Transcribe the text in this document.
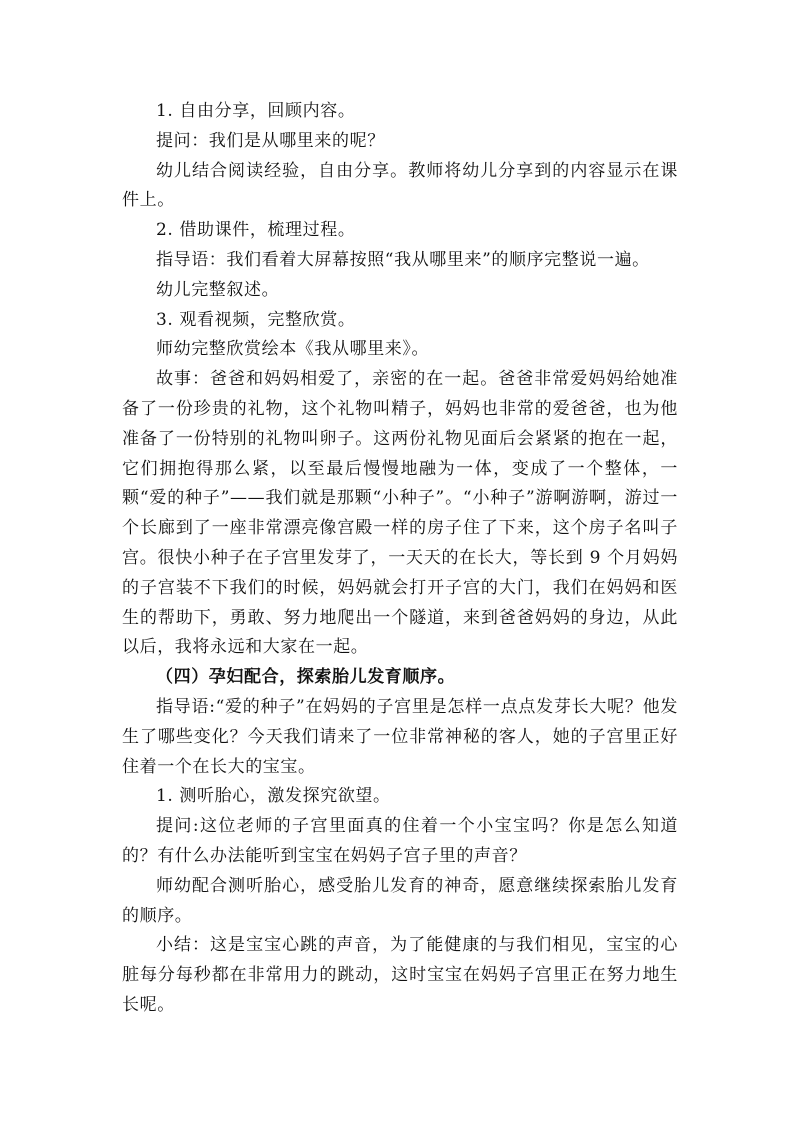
1. 自由分享，回顾内容。

提问：我们是从哪里来的呢？

幼儿结合阅读经验，自由分享。教师将幼儿分享到的内容显示在课件上。

2. 借助课件，梳理过程。

指导语：我们看着大屏幕按照“我从哪里来”的顺序完整说一遍。

幼儿完整叙述。

3. 观看视频，完整欣赏。

师幼完整欣赏绘本《我从哪里来》。

故事：爸爸和妈妈相爱了，亲密的在一起。爸爸非常爱妈妈给她准备了一份珍贵的礼物，这个礼物叫精子，妈妈也非常的爱爸爸，也为他准备了一份特别的礼物叫卵子。这两份礼物见面后会紧紧的抱在一起，它们拥抱得那么紧，以至最后慢慢地融为一体，变成了一个整体，一颗“爱的种子”——我们就是那颗“小种子”。“小种子”游啊游啊，游过一个长廊到了一座非常漂亮像宫殿一样的房子住了下来，这个房子名叫子宫。很快小种子在子宫里发芽了，一天天的在长大，等长到 9 个月妈妈的子宫装不下我们的时候，妈妈就会打开子宫的大门，我们在妈妈和医生的帮助下，勇敢、努力地爬出一个隧道，来到爸爸妈妈的身边，从此以后，我将永远和大家在一起。

（四）孕妇配合，探索胎儿发育顺序。

指导语:“爱的种子”在妈妈的子宫里是怎样一点点发芽长大呢？他发生了哪些变化？今天我们请来了一位非常神秘的客人，她的子宫里正好住着一个在长大的宝宝。

1. 测听胎心，激发探究欲望。

提问:这位老师的子宫里面真的住着一个小宝宝吗？你是怎么知道的？有什么办法能听到宝宝在妈妈子宫子里的声音？

师幼配合测听胎心，感受胎儿发育的神奇，愿意继续探索胎儿发育的顺序。

小结：这是宝宝心跳的声音，为了能健康的与我们相见，宝宝的心脏每分每秒都在非常用力的跳动，这时宝宝在妈妈子宫里正在努力地生长呢。
